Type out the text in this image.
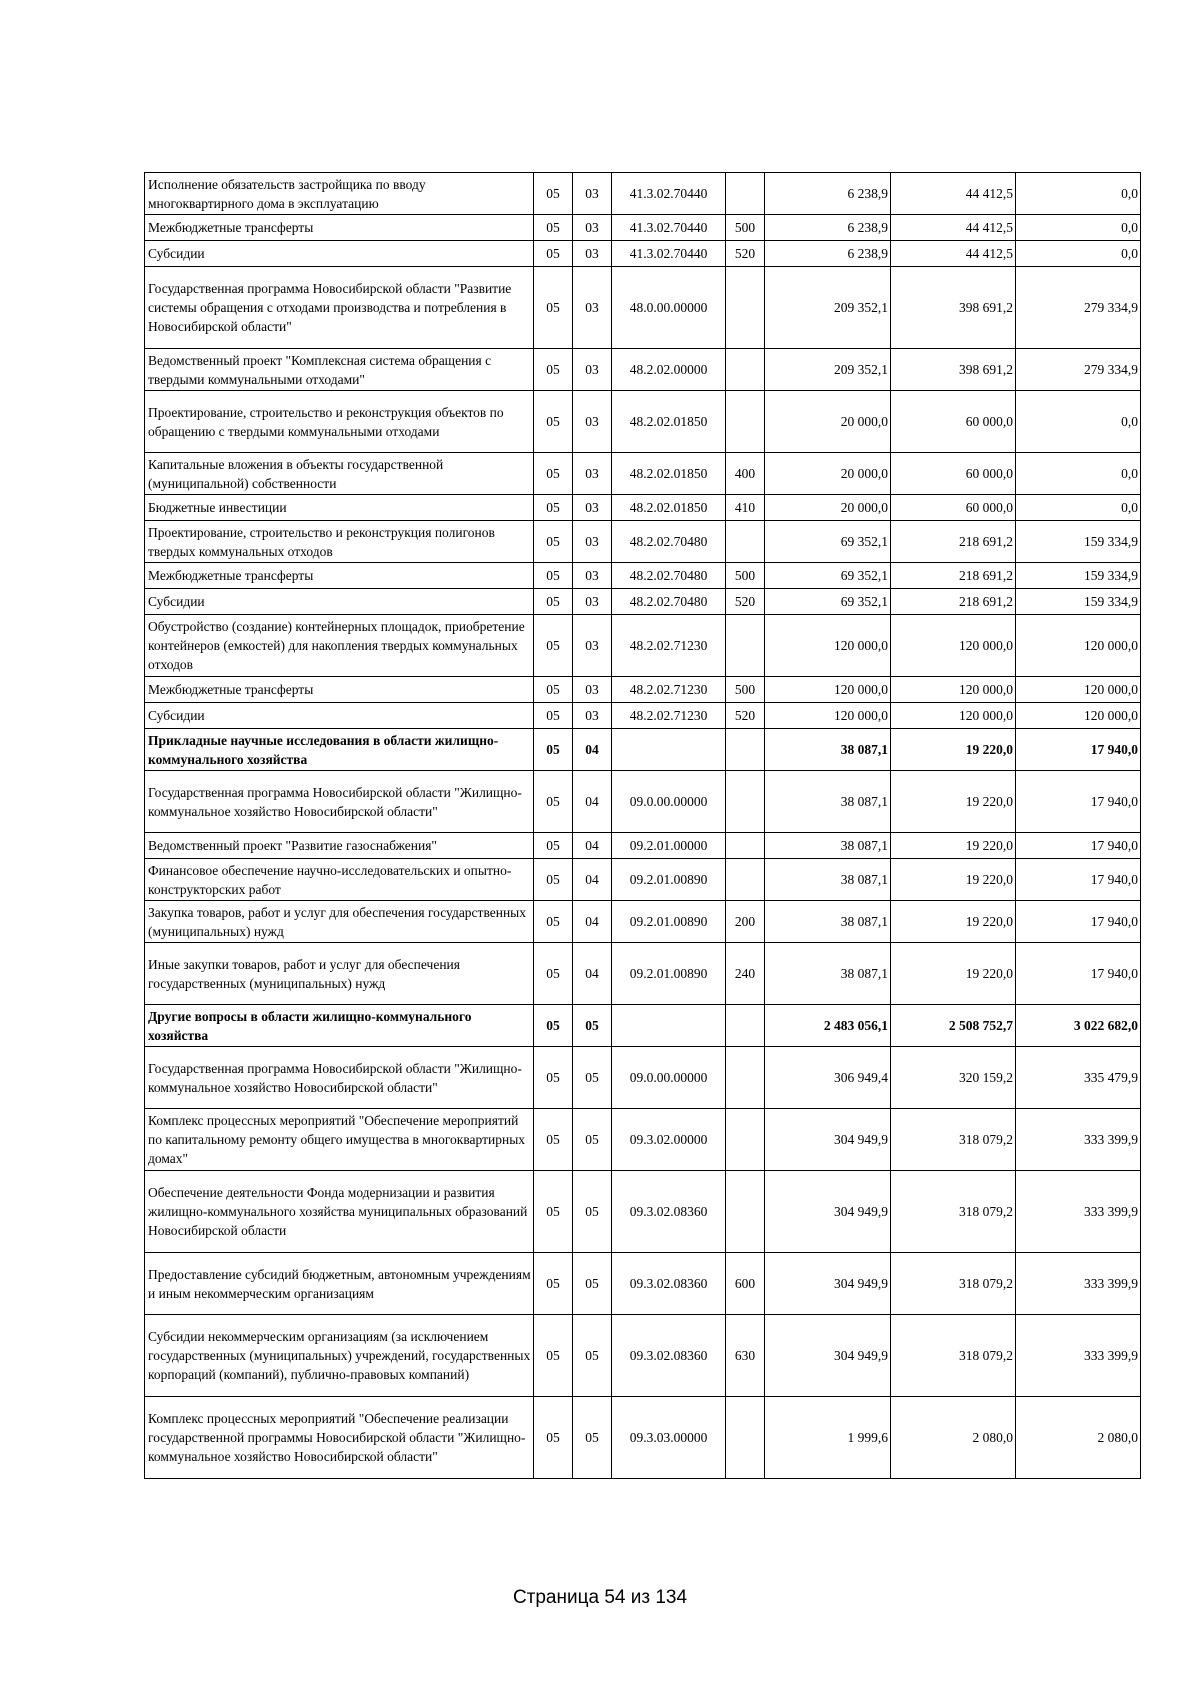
Исполнение обязательств застройщика по вводу многоквартирного дома в эксплуатацию	05	03	41.3.02.70440		6 238,9	44 412,5	0,0
Межбюджетные трансферты	05	03	41.3.02.70440	500	6 238,9	44 412,5	0,0
Субсидии	05	03	41.3.02.70440	520	6 238,9	44 412,5	0,0
Государственная программа Новосибирской области "Развитие системы обращения с отходами производства и потребления в Новосибирской области"	05	03	48.0.00.00000		209 352,1	398 691,2	279 334,9
Ведомственный проект "Комплексная система обращения с твердыми коммунальными отходами"	05	03	48.2.02.00000		209 352,1	398 691,2	279 334,9
Проектирование, строительство и реконструкция объектов по обращению с твердыми коммунальными отходами	05	03	48.2.02.01850		20 000,0	60 000,0	0,0
Капитальные вложения в объекты государственной (муниципальной) собственности	05	03	48.2.02.01850	400	20 000,0	60 000,0	0,0
Бюджетные инвестиции	05	03	48.2.02.01850	410	20 000,0	60 000,0	0,0
Проектирование, строительство и реконструкция полигонов твердых коммунальных отходов	05	03	48.2.02.70480		69 352,1	218 691,2	159 334,9
Межбюджетные трансферты	05	03	48.2.02.70480	500	69 352,1	218 691,2	159 334,9
Субсидии	05	03	48.2.02.70480	520	69 352,1	218 691,2	159 334,9
Обустройство (создание) контейнерных площадок, приобретение контейнеров (емкостей) для накопления твердых коммунальных отходов	05	03	48.2.02.71230		120 000,0	120 000,0	120 000,0
Межбюджетные трансферты	05	03	48.2.02.71230	500	120 000,0	120 000,0	120 000,0
Субсидии	05	03	48.2.02.71230	520	120 000,0	120 000,0	120 000,0
Прикладные научные исследования в области жилищно-коммунального хозяйства	05	04			38 087,1	19 220,0	17 940,0
Государственная программа Новосибирской области "Жилищно-коммунальное хозяйство Новосибирской области"	05	04	09.0.00.00000		38 087,1	19 220,0	17 940,0
Ведомственный проект "Развитие газоснабжения"	05	04	09.2.01.00000		38 087,1	19 220,0	17 940,0
Финансовое обеспечение научно-исследовательских и опытно-конструкторских работ	05	04	09.2.01.00890		38 087,1	19 220,0	17 940,0
Закупка товаров, работ и услуг для обеспечения государственных (муниципальных) нужд	05	04	09.2.01.00890	200	38 087,1	19 220,0	17 940,0
Иные закупки товаров, работ и услуг для обеспечения государственных (муниципальных) нужд	05	04	09.2.01.00890	240	38 087,1	19 220,0	17 940,0
Другие вопросы в области жилищно-коммунального хозяйства	05	05			2 483 056,1	2 508 752,7	3 022 682,0
Государственная программа Новосибирской области "Жилищно-коммунальное хозяйство Новосибирской области"	05	05	09.0.00.00000		306 949,4	320 159,2	335 479,9
Комплекс процессных мероприятий "Обеспечение мероприятий по капитальному ремонту общего имущества в многоквартирных домах"	05	05	09.3.02.00000		304 949,9	318 079,2	333 399,9
Обеспечение деятельности Фонда модернизации и развития жилищно-коммунального хозяйства муниципальных образований Новосибирской области	05	05	09.3.02.08360		304 949,9	318 079,2	333 399,9
Предоставление субсидий бюджетным, автономным учреждениям и иным некоммерческим организациям	05	05	09.3.02.08360	600	304 949,9	318 079,2	333 399,9
Субсидии некоммерческим организациям (за исключением государственных (муниципальных) учреждений, государственных корпораций (компаний), публично-правовых компаний)	05	05	09.3.02.08360	630	304 949,9	318 079,2	333 399,9
Комплекс процессных мероприятий "Обеспечение реализации государственной программы Новосибирской области "Жилищно-коммунальное хозяйство Новосибирской области"	05	05	09.3.03.00000		1 999,6	2 080,0	2 080,0
Страница 54 из 134
